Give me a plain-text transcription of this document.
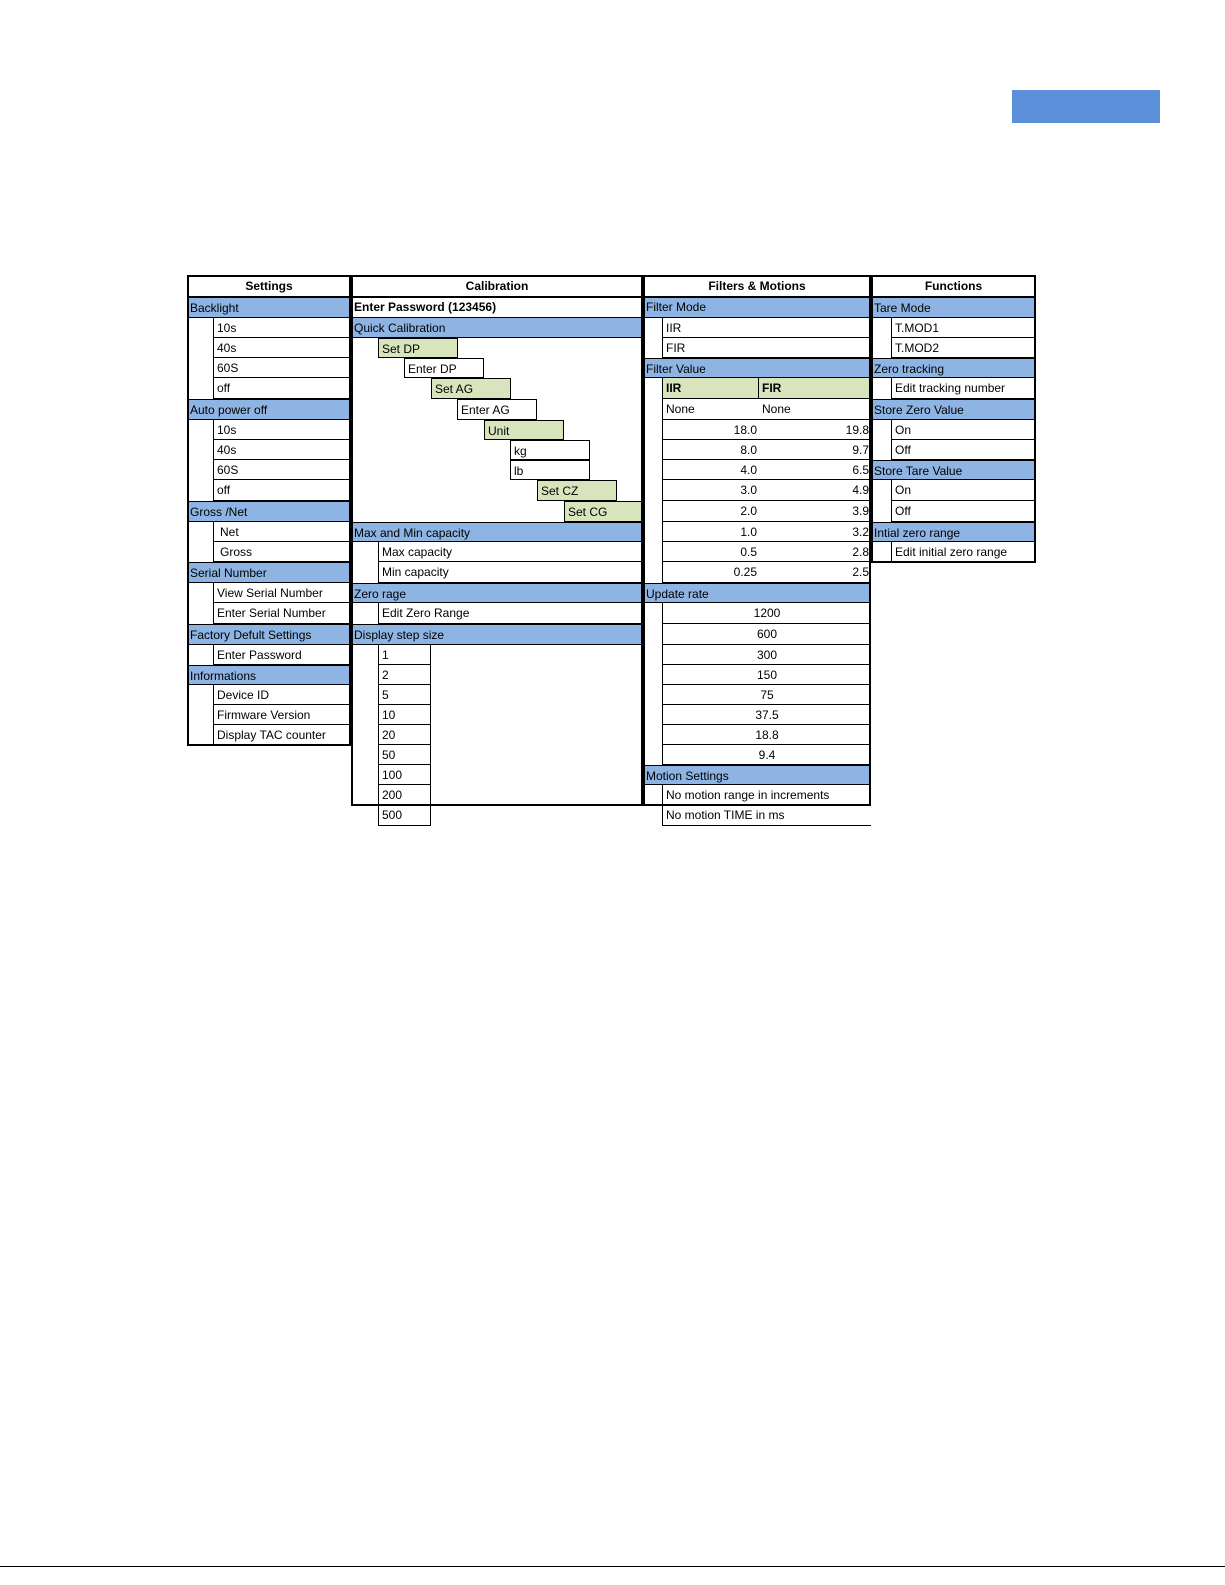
Settings	Calibration	Filters & Motions	Functions
Backlight
10s
40s
60S
off
Auto power off
10s
40s
60S
off
Gross /Net
Net
Gross
Serial Number
View Serial Number
Enter Serial Number
Factory Defult Settings
Enter Password
Informations
Device ID
Firmware Version
Display TAC counter
Enter Password (123456)
Quick Calibration
Set DP
Enter DP
Set AG
Enter AG
Unit
kg
lb
Set CZ
Set CG
Max and Min capacity
Max capacity
Min capacity
Zero rage
Edit Zero Range
Display step size
1
2
5
10
20
50
100
200
500
Filter Mode
IIR
FIR
Filter Value
IIR	FIR
None	None
18.0	19.8
8.0	9.7
4.0	6.5
3.0	4.9
2.0	3.9
1.0	3.2
0.5	2.8
0.25	2.5
Update rate
1200
600
300
150
75
37.5
18.8
9.4
Motion Settings
No motion range in increments
No motion TIME in ms
Tare Mode
T.MOD1
T.MOD2
Zero tracking
Edit tracking number
Store Zero Value
On
Off
Store Tare Value
On
Off
Intial zero range
Edit initial zero range
